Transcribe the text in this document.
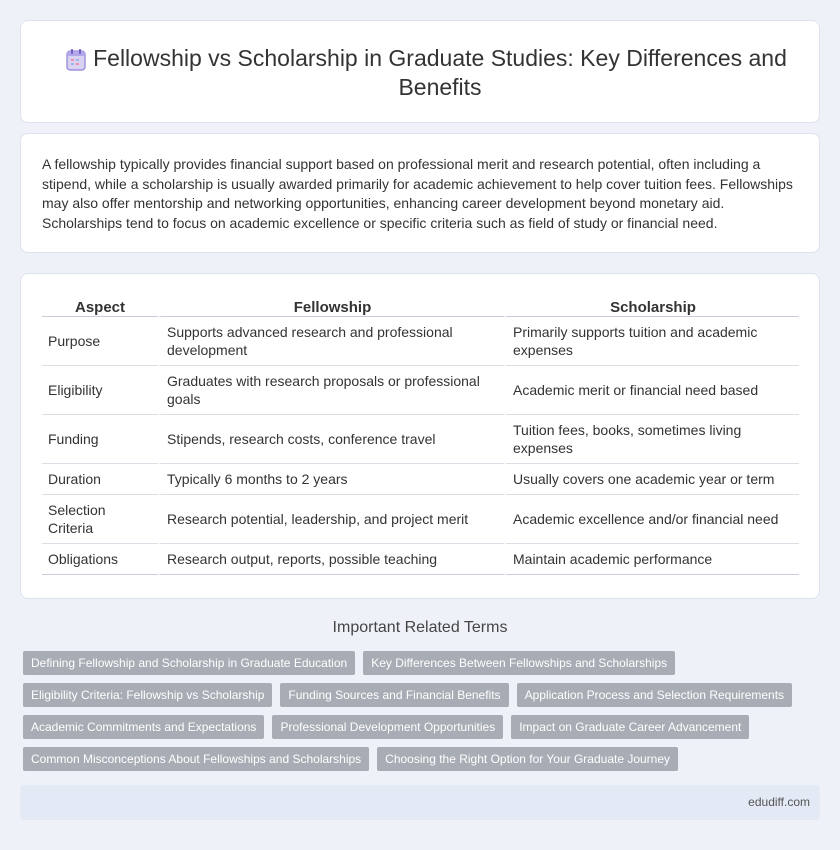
Fellowship vs Scholarship in Graduate Studies: Key Differences and Benefits

A fellowship typically provides financial support based on professional merit and research potential, often including a stipend, while a scholarship is usually awarded primarily for academic achievement to help cover tuition fees. Fellowships may also offer mentorship and networking opportunities, enhancing career development beyond monetary aid. Scholarships tend to focus on academic excellence or specific criteria such as field of study or financial need.

Aspect	Fellowship	Scholarship
Purpose	Supports advanced research and professional development	Primarily supports tuition and academic expenses
Eligibility	Graduates with research proposals or professional goals	Academic merit or financial need based
Funding	Stipends, research costs, conference travel	Tuition fees, books, sometimes living expenses
Duration	Typically 6 months to 2 years	Usually covers one academic year or term
Selection Criteria	Research potential, leadership, and project merit	Academic excellence and/or financial need
Obligations	Research output, reports, possible teaching	Maintain academic performance
Important Related Terms
Defining Fellowship and Scholarship in Graduate Education	Key Differences Between Fellowships and Scholarships
Eligibility Criteria: Fellowship vs Scholarship	Funding Sources and Financial Benefits	Application Process and Selection Requirements
Academic Commitments and Expectations	Professional Development Opportunities	Impact on Graduate Career Advancement
Common Misconceptions About Fellowships and Scholarships	Choosing the Right Option for Your Graduate Journey
edudiff.com
